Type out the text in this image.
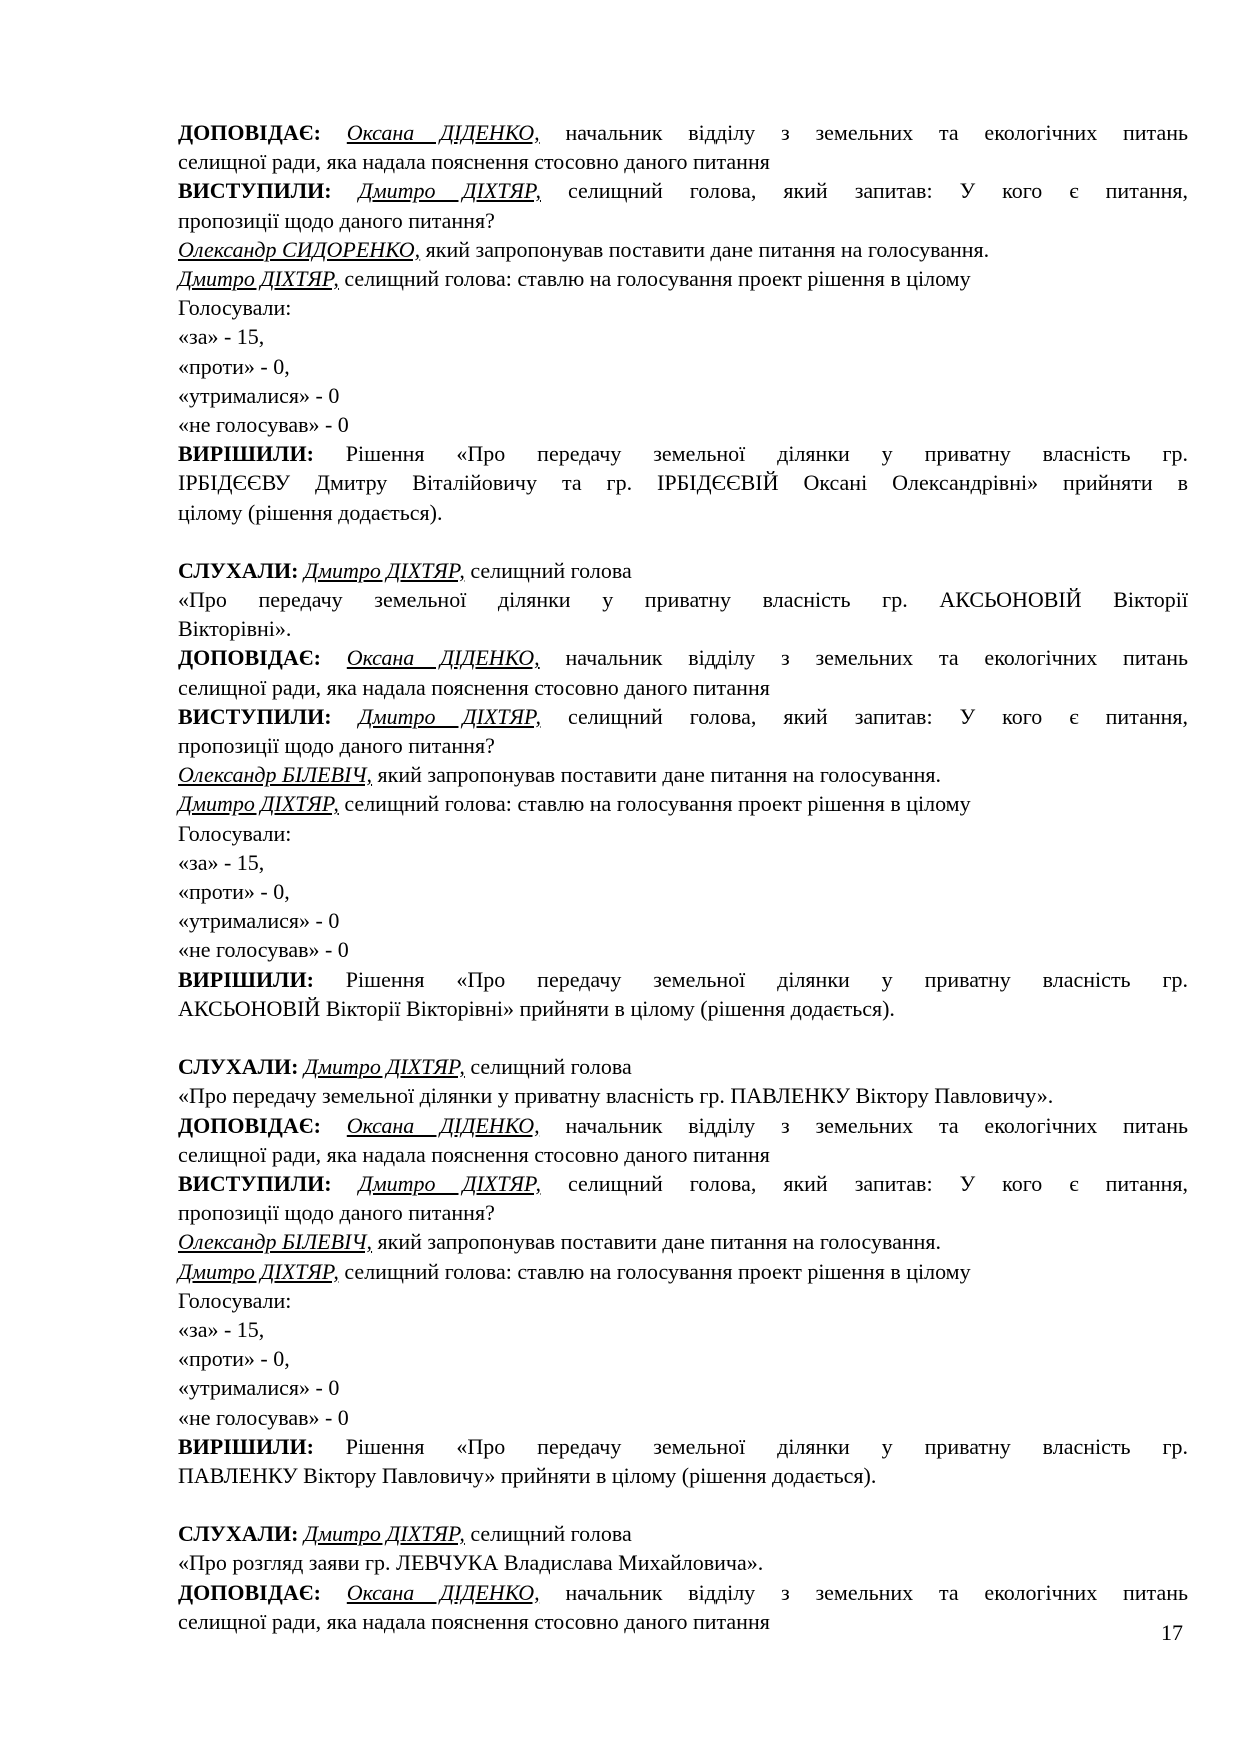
ДОПОВІДАЄ: Оксана ДІДЕНКО, начальник відділу з земельних та екологічних питань

селищної ради, яка надала пояснення стосовно даного питання

ВИСТУПИЛИ: Дмитро ДІХТЯР, селищний голова, який запитав: У кого є питання,

пропозиції щодо даного питання?

Олександр СИДОРЕНКО, який запропонував поставити дане питання на голосування.

Дмитро ДІХТЯР, селищний голова: ставлю на голосування проект рішення в цілому

Голосували:

«за» - 15,

«проти» - 0,

«утрималися» - 0

«не голосував» - 0

ВИРІШИЛИ: Рішення «Про передачу земельної ділянки у приватну власність гр.

ІРБІДЄЄВУ Дмитру Віталійовичу та гр. ІРБІДЄЄВІЙ Оксані Олександрівні» прийняти в

цілому (рішення додається).

СЛУХАЛИ: Дмитро ДІХТЯР, селищний голова

«Про передачу земельної ділянки у приватну власність гр. АКСЬОНОВІЙ Вікторії

Вікторівні».

ДОПОВІДАЄ: Оксана ДІДЕНКО, начальник відділу з земельних та екологічних питань

селищної ради, яка надала пояснення стосовно даного питання

ВИСТУПИЛИ: Дмитро ДІХТЯР, селищний голова, який запитав: У кого є питання,

пропозиції щодо даного питання?

Олександр БІЛЕВІЧ, який запропонував поставити дане питання на голосування.

Дмитро ДІХТЯР, селищний голова: ставлю на голосування проект рішення в цілому

Голосували:

«за» - 15,

«проти» - 0,

«утрималися» - 0

«не голосував» - 0

ВИРІШИЛИ: Рішення «Про передачу земельної ділянки у приватну власність гр.

АКСЬОНОВІЙ Вікторії Вікторівні» прийняти в цілому (рішення додається).

СЛУХАЛИ: Дмитро ДІХТЯР, селищний голова

«Про передачу земельної ділянки у приватну власність гр. ПАВЛЕНКУ Віктору Павловичу».

ДОПОВІДАЄ: Оксана ДІДЕНКО, начальник відділу з земельних та екологічних питань

селищної ради, яка надала пояснення стосовно даного питання

ВИСТУПИЛИ: Дмитро ДІХТЯР, селищний голова, який запитав: У кого є питання,

пропозиції щодо даного питання?

Олександр БІЛЕВІЧ, який запропонував поставити дане питання на голосування.

Дмитро ДІХТЯР, селищний голова: ставлю на голосування проект рішення в цілому

Голосували:

«за» - 15,

«проти» - 0,

«утрималися» - 0

«не голосував» - 0

ВИРІШИЛИ: Рішення «Про передачу земельної ділянки у приватну власність гр.

ПАВЛЕНКУ Віктору Павловичу» прийняти в цілому (рішення додається).

СЛУХАЛИ: Дмитро ДІХТЯР, селищний голова

«Про розгляд заяви гр. ЛЕВЧУКА Владислава Михайловича».

ДОПОВІДАЄ: Оксана ДІДЕНКО, начальник відділу з земельних та екологічних питань

селищної ради, яка надала пояснення стосовно даного питання	17
